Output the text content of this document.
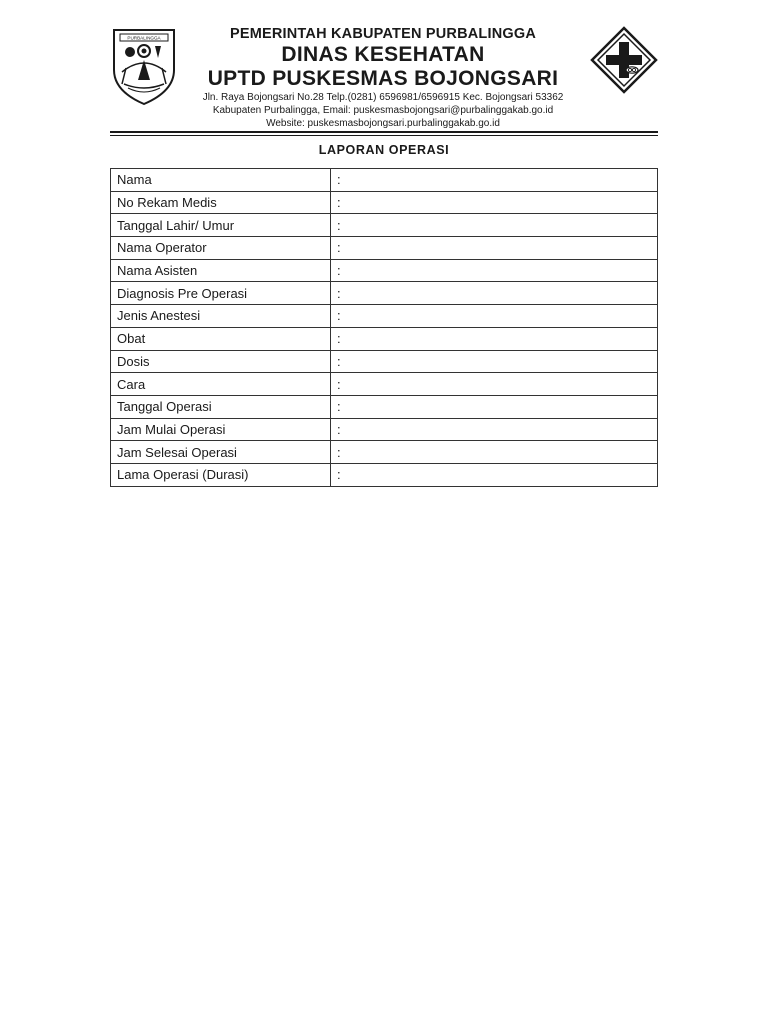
PURBALINGGA	PEMERINTAH KABUPATEN PURBALINGGA
DINAS KESEHATAN
UPTD PUSKESMAS BOJONGSARI
Jln. Raya Bojongsari No.28 Telp.(0281) 6596981/6596915 Kec. Bojongsari 53362
Kabupaten Purbalingga, Email: puskesmasbojongsari@purbalinggakab.go.id
Website: puskesmasbojongsari.purbalinggakab.go.id
LAPORAN OPERASI
Nama	:
No Rekam Medis	:
Tanggal Lahir/ Umur	:
Nama Operator	:
Nama Asisten	:
Diagnosis Pre Operasi	:
Jenis Anestesi	:
Obat	:
Dosis	:
Cara	:
Tanggal Operasi	:
Jam Mulai Operasi	:
Jam Selesai Operasi	:
Lama Operasi (Durasi)	:
